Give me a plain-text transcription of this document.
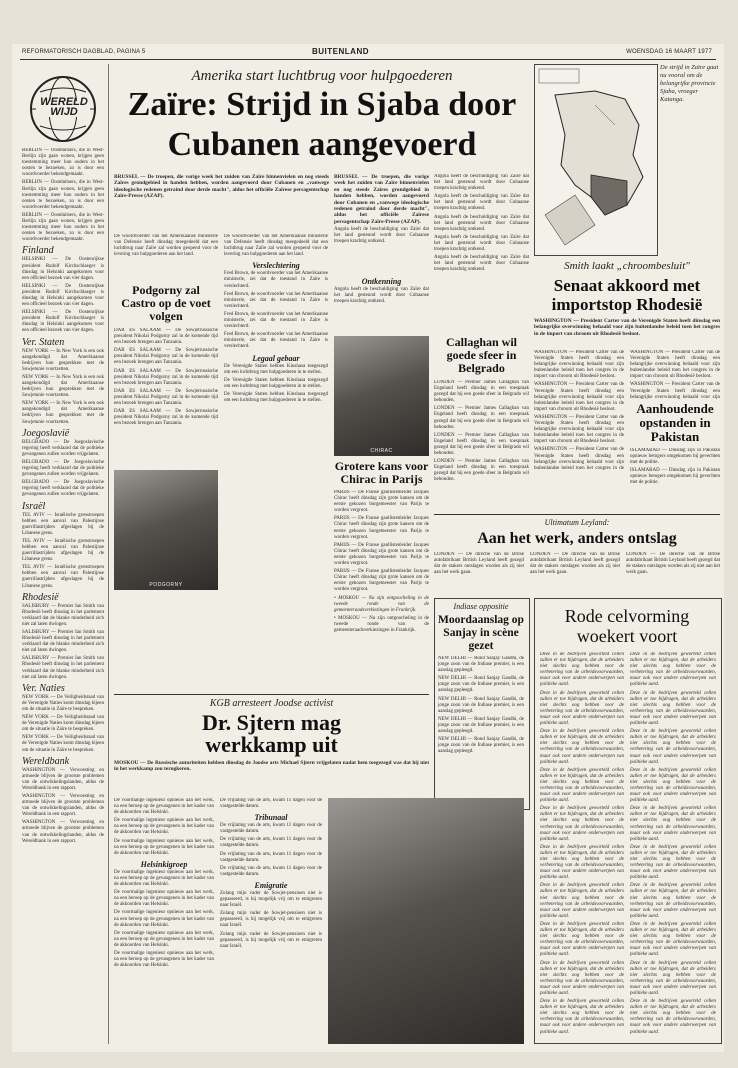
REFORMATORISCH DAGBLAD, PAGINA 5	BUITENLAND	WOENSDAG 16 MAART 1977
WERELD
WIJD

BERLIJN — Oostduitsers, die in West-Berlijn zijn gaan wonen, krijgen geen toestemming meer hun ouders in het oosten te bezoeken, zo is door een woordvoerder bekendgemaakt.

BERLIJN — Oostduitsers, die in West-Berlijn zijn gaan wonen, krijgen geen toestemming meer hun ouders in het oosten te bezoeken, zo is door een woordvoerder bekendgemaakt.

BERLIJN — Oostduitsers, die in West-Berlijn zijn gaan wonen, krijgen geen toestemming meer hun ouders in het oosten te bezoeken, zo is door een woordvoerder bekendgemaakt.

Finland

HELSINKI — De Oostenrijkse president Rudolf Kirchschlaeger is dinsdag in Helsinki aangekomen voor een officieel bezoek van vier dagen.

HELSINKI — De Oostenrijkse president Rudolf Kirchschlaeger is dinsdag in Helsinki aangekomen voor een officieel bezoek van vier dagen.

HELSINKI — De Oostenrijkse president Rudolf Kirchschlaeger is dinsdag in Helsinki aangekomen voor een officieel bezoek van vier dagen.

Ver. Staten

NEW YORK — In New York is een ook aangekondigd dat Amerikaanse bedrijven hun gesprekken met de Sowjetunie voortzetten.

NEW YORK — In New York is een ook aangekondigd dat Amerikaanse bedrijven hun gesprekken met de Sowjetunie voortzetten.

NEW YORK — In New York is een ook aangekondigd dat Amerikaanse bedrijven hun gesprekken met de Sowjetunie voortzetten.

Joegoslavië

BELGRADO — De Joegoslavische regering heeft verklaard dat de politieke gevangenen zullen worden vrijgelaten.

BELGRADO — De Joegoslavische regering heeft verklaard dat de politieke gevangenen zullen worden vrijgelaten.

BELGRADO — De Joegoslavische regering heeft verklaard dat de politieke gevangenen zullen worden vrijgelaten.

Israël

TEL AVIV — Israëlische grenstroepen hebben een aanval van Palestijnse guerrillastrijders afgeslagen bij de Libanese grens.

TEL AVIV — Israëlische grenstroepen hebben een aanval van Palestijnse guerrillastrijders afgeslagen bij de Libanese grens.

TEL AVIV — Israëlische grenstroepen hebben een aanval van Palestijnse guerrillastrijders afgeslagen bij de Libanese grens.

Rhodesië

SALISBURY — Premier Ian Smith van Rhodesië heeft dinsdag in het parlement verklaard dat de blanke minderheid zich niet zal laten dwingen.

SALISBURY — Premier Ian Smith van Rhodesië heeft dinsdag in het parlement verklaard dat de blanke minderheid zich niet zal laten dwingen.

SALISBURY — Premier Ian Smith van Rhodesië heeft dinsdag in het parlement verklaard dat de blanke minderheid zich niet zal laten dwingen.

Ver. Naties

NEW YORK — De Veiligheidsraad van de Verenigde Naties komt dinsdag bijeen om de situatie in Zaïre te bespreken.

NEW YORK — De Veiligheidsraad van de Verenigde Naties komt dinsdag bijeen om de situatie in Zaïre te bespreken.

NEW YORK — De Veiligheidsraad van de Verenigde Naties komt dinsdag bijeen om de situatie in Zaïre te bespreken.

Wereldbank

WASHINGTON — Verwoesting en armoede blijven de grootste problemen van de ontwikkelingslanden, aldus de Wereldbank in een rapport.

WASHINGTON — Verwoesting en armoede blijven de grootste problemen van de ontwikkelingslanden, aldus de Wereldbank in een rapport.

WASHINGTON — Verwoesting en armoede blijven de grootste problemen van de ontwikkelingslanden, aldus de Wereldbank in een rapport.

Amerika start luchtbrug voor hulpgoederen

Zaïre: Strijd in Sjaba door
Cubanen aangevoerd

BRUSSEL — De troepen, die vorige week het zuiden van Zaïre binnenvielen en nog steeds Zaïres grondgebied in handen hebben, worden aangevoerd door Cubanen en „vanwege ideologische redenen getraind door derde macht", aldus het officiële Zaïrese persagentschap Zaïre-Presse (AZAP).

De woordvoerder van het Amerikaanse ministerie van Defensie heeft dinsdag meegedeeld dat een luchtbrug naar Zaïre zal worden geopend voor de levering van hulpgoederen aan het land.

De woordvoerder van het Amerikaanse ministerie van Defensie heeft dinsdag meegedeeld dat een luchtbrug naar Zaïre zal worden geopend voor de levering van hulpgoederen aan het land.

Verslechtering

Fred Brown, de woordvoerder van het Amerikaanse ministerie, zei dat de toestand in Zaïre is verslechterd.

Fred Brown, de woordvoerder van het Amerikaanse ministerie, zei dat de toestand in Zaïre is verslechterd.

Fred Brown, de woordvoerder van het Amerikaanse ministerie, zei dat de toestand in Zaïre is verslechterd.

Fred Brown, de woordvoerder van het Amerikaanse ministerie, zei dat de toestand in Zaïre is verslechterd.

Legaal gebaar

De Verenigde Staten hebben Kinshasa toegezegd om een luchtbrug met hulpgoederen in te stellen.

De Verenigde Staten hebben Kinshasa toegezegd om een luchtbrug met hulpgoederen in te stellen.

De Verenigde Staten hebben Kinshasa toegezegd om een luchtbrug met hulpgoederen in te stellen.

BRUSSEL — De troepen, die vorige week het zuiden van Zaïre binnenvielen en nog steeds Zaïres grondgebied in handen hebben, worden aangevoerd door Cubanen en „vanwege ideologische redenen getraind door derde macht", aldus het officiële Zaïrese persagentschap Zaïre-Presse (AZAP).

Angola heeft de beschuldiging van Zaïre dat het land gesteund wordt door Cubaanse troepen krachtig ontkend.

Ontkenning

Angola heeft de beschuldiging van Zaïre dat het land gesteund wordt door Cubaanse troepen krachtig ontkend.

Angola heeft de beschuldiging van Zaïre dat het land gesteund wordt door Cubaanse troepen krachtig ontkend.

Angola heeft de beschuldiging van Zaïre dat het land gesteund wordt door Cubaanse troepen krachtig ontkend.

Angola heeft de beschuldiging van Zaïre dat het land gesteund wordt door Cubaanse troepen krachtig ontkend.

Angola heeft de beschuldiging van Zaïre dat het land gesteund wordt door Cubaanse troepen krachtig ontkend.

Angola heeft de beschuldiging van Zaïre dat het land gesteund wordt door Cubaanse troepen krachtig ontkend.

De strijd in Zaïre gaat nu vooral om de belangrijke provincie Sjaba, vroeger Katanga.

Smith laakt „chroombesluit"

Senaat akkoord met importstop Rhodesië

WASHINGTON — President Carter van de Verenigde Staten heeft dinsdag een belangrijke overwinning behaald voor zijn buitenlandse beleid toen het congres in de import van chroom uit Rhodesië besloot.

WASHINGTON — President Carter van de Verenigde Staten heeft dinsdag een belangrijke overwinning behaald voor zijn buitenlandse beleid toen het congres in de import van chroom uit Rhodesië besloot.

WASHINGTON — President Carter van de Verenigde Staten heeft dinsdag een belangrijke overwinning behaald voor zijn buitenlandse beleid toen het congres in de import van chroom uit Rhodesië besloot.

WASHINGTON — President Carter van de Verenigde Staten heeft dinsdag een belangrijke overwinning behaald voor zijn buitenlandse beleid toen het congres in de import van chroom uit Rhodesië besloot.

WASHINGTON — President Carter van de Verenigde Staten heeft dinsdag een belangrijke overwinning behaald voor zijn buitenlandse beleid toen het congres in de

WASHINGTON — President Carter van de Verenigde Staten heeft dinsdag een belangrijke overwinning behaald voor zijn buitenlandse beleid toen het congres in de import van chroom uit Rhodesië besloot.

WASHINGTON — President Carter van de Verenigde Staten heeft dinsdag een belangrijke overwinning behaald voor zijn

Aanhoudende opstanden in Pakistan

ISLAMABAD — Dinsdag zijn in Pakistan opnieuw betogers omgekomen bij gevechten met de politie.

ISLAMABAD — Dinsdag zijn in Pakistan opnieuw betogers omgekomen bij gevechten met de politie.

Podgorny zal Castro op de voet volgen

DAR ES SALAAM — De Sowjetrussische president Nikolai Podgorny zal in de komende tijd een bezoek brengen aan Tanzania.

DAR ES SALAAM — De Sowjetrussische president Nikolai Podgorny zal in de komende tijd een bezoek brengen aan Tanzania.

DAR ES SALAAM — De Sowjetrussische president Nikolai Podgorny zal in de komende tijd een bezoek brengen aan Tanzania.

DAR ES SALAAM — De Sowjetrussische president Nikolai Podgorny zal in de komende tijd een bezoek brengen aan Tanzania.

DAR ES SALAAM — De Sowjetrussische president Nikolai Podgorny zal in de komende tijd een bezoek brengen aan Tanzania.

PODGORNY
CHIRAC
Grotere kans voor Chirac in Parijs

PARIJS — De Franse gaullistenleider Jacques Chirac heeft dinsdag zijn grote kansen om de eerste gekozen burgemeester van Parijs te worden vergroot.

PARIJS — De Franse gaullistenleider Jacques Chirac heeft dinsdag zijn grote kansen om de eerste gekozen burgemeester van Parijs te worden vergroot.

PARIJS — De Franse gaullistenleider Jacques Chirac heeft dinsdag zijn grote kansen om de eerste gekozen burgemeester van Parijs te worden vergroot.

PARIJS — De Franse gaullistenleider Jacques Chirac heeft dinsdag zijn grote kansen om de eerste gekozen burgemeester van Parijs te worden vergroot.

• MOSKOU — Na zijn ontgoocheling in de tweede ronde van de gemeenteraadsverkiezingen in Frankrijk.

• MOSKOU — Na zijn ontgoocheling in de tweede ronde van de gemeenteraadsverkiezingen in Frankrijk.

Callaghan wil goede sfeer in Belgrado

LONDEN — Premier James Callaghan van Engeland heeft dinsdag in een toespraak gezegd dat hij een goede sfeer in Belgrado wil behouden.

LONDEN — Premier James Callaghan van Engeland heeft dinsdag in een toespraak gezegd dat hij een goede sfeer in Belgrado wil behouden.

LONDEN — Premier James Callaghan van Engeland heeft dinsdag in een toespraak gezegd dat hij een goede sfeer in Belgrado wil behouden.

LONDEN — Premier James Callaghan van Engeland heeft dinsdag in een toespraak gezegd dat hij een goede sfeer in Belgrado wil behouden.

Ultimatum Leyland:

Aan het werk, anders ontslag

LONDEN — De directie van de Britse autofabrikant British Leyland heeft gezegd dat de stakers ontslagen worden als zij niet aan het werk gaan.

LONDEN — De directie van de Britse autofabrikant British Leyland heeft gezegd dat de stakers ontslagen worden als zij niet aan het werk gaan.

LONDEN — De directie van de Britse autofabrikant British Leyland heeft gezegd dat de stakers ontslagen worden als zij niet aan het werk gaan.

Indiase oppositie

Moordaanslag op Sanjay in scène gezet

NEW DELHI — Rond Sanjay Gandhi, de jonge zoon van de Indiase premier, is een aanslag gepleegd.

NEW DELHI — Rond Sanjay Gandhi, de jonge zoon van de Indiase premier, is een aanslag gepleegd.

NEW DELHI — Rond Sanjay Gandhi, de jonge zoon van de Indiase premier, is een aanslag gepleegd.

NEW DELHI — Rond Sanjay Gandhi, de jonge zoon van de Indiase premier, is een aanslag gepleegd.

NEW DELHI — Rond Sanjay Gandhi, de jonge zoon van de Indiase premier, is een aanslag gepleegd.

Rode celvorming woekert voort

Deze in de bedrijven geworteld cellen zullen er toe bijdragen, dat de arbeiders niet slechts oog hebben voor de verbetering van de arbeidsvoorwaarden, maar ook voor andere onderwerpen van politieke aard.

Deze in de bedrijven geworteld cellen zullen er toe bijdragen, dat de arbeiders niet slechts oog hebben voor de verbetering van de arbeidsvoorwaarden, maar ook voor andere onderwerpen van politieke aard.

Deze in de bedrijven geworteld cellen zullen er toe bijdragen, dat de arbeiders niet slechts oog hebben voor de verbetering van de arbeidsvoorwaarden, maar ook voor andere onderwerpen van politieke aard.

Deze in de bedrijven geworteld cellen zullen er toe bijdragen, dat de arbeiders niet slechts oog hebben voor de verbetering van de arbeidsvoorwaarden, maar ook voor andere onderwerpen van politieke aard.

Deze in de bedrijven geworteld cellen zullen er toe bijdragen, dat de arbeiders niet slechts oog hebben voor de verbetering van de arbeidsvoorwaarden, maar ook voor andere onderwerpen van politieke aard.

Deze in de bedrijven geworteld cellen zullen er toe bijdragen, dat de arbeiders niet slechts oog hebben voor de verbetering van de arbeidsvoorwaarden, maar ook voor andere onderwerpen van politieke aard.

Deze in de bedrijven geworteld cellen zullen er toe bijdragen, dat de arbeiders niet slechts oog hebben voor de verbetering van de arbeidsvoorwaarden, maar ook voor andere onderwerpen van politieke aard.

Deze in de bedrijven geworteld cellen zullen er toe bijdragen, dat de arbeiders niet slechts oog hebben voor de verbetering van de arbeidsvoorwaarden, maar ook voor andere onderwerpen van politieke aard.

Deze in de bedrijven geworteld cellen zullen er toe bijdragen, dat de arbeiders niet slechts oog hebben voor de verbetering van de arbeidsvoorwaarden, maar ook voor andere onderwerpen van politieke aard.

Deze in de bedrijven geworteld cellen zullen er toe bijdragen, dat de arbeiders niet slechts oog hebben voor de verbetering van de arbeidsvoorwaarden, maar ook voor andere onderwerpen van politieke aard.

Deze in de bedrijven geworteld cellen zullen er toe bijdragen, dat de arbeiders niet slechts oog hebben voor de verbetering van de arbeidsvoorwaarden, maar ook voor andere onderwerpen van politieke aard.

Deze in de bedrijven geworteld cellen zullen er toe bijdragen, dat de arbeiders niet slechts oog hebben voor de verbetering van de arbeidsvoorwaarden, maar ook voor andere onderwerpen van politieke aard.

Deze in de bedrijven geworteld cellen zullen er toe bijdragen, dat de arbeiders niet slechts oog hebben voor de verbetering van de arbeidsvoorwaarden, maar ook voor andere onderwerpen van politieke aard.

Deze in de bedrijven geworteld cellen zullen er toe bijdragen, dat de arbeiders niet slechts oog hebben voor de verbetering van de arbeidsvoorwaarden, maar ook voor andere onderwerpen van politieke aard.

Deze in de bedrijven geworteld cellen zullen er toe bijdragen, dat de arbeiders niet slechts oog hebben voor de verbetering van de arbeidsvoorwaarden, maar ook voor andere onderwerpen van politieke aard.

Deze in de bedrijven geworteld cellen zullen er toe bijdragen, dat de arbeiders niet slechts oog hebben voor de verbetering van de arbeidsvoorwaarden, maar ook voor andere onderwerpen van politieke aard.

Deze in de bedrijven geworteld cellen zullen er toe bijdragen, dat de arbeiders niet slechts oog hebben voor de verbetering van de arbeidsvoorwaarden, maar ook voor andere onderwerpen van politieke aard.

Deze in de bedrijven geworteld cellen zullen er toe bijdragen, dat de arbeiders niet slechts oog hebben voor de verbetering van de arbeidsvoorwaarden, maar ook voor andere onderwerpen van politieke aard.

Deze in de bedrijven geworteld cellen zullen er toe bijdragen, dat de arbeiders niet slechts oog hebben voor de verbetering van de arbeidsvoorwaarden, maar ook voor andere onderwerpen van politieke aard.

Deze in de bedrijven geworteld cellen zullen er toe bijdragen, dat de arbeiders niet slechts oog hebben voor de verbetering van de arbeidsvoorwaarden, maar ook voor andere onderwerpen van politieke aard.

KGB arresteert Joodse activist

Dr. Sjtern mag
werkkamp uit

MOSKOU — De Russische autoriteiten hebben dinsdag de Joodse arts Michael Sjtern vrijgelaten nadat hem toegezegd was dat hij niet in het werkkamp zou terugkeren.

De voormalige ingenieur opnieuw aan het werk, na een beroep op de gevangenen in het kader van de akkoorden van Helsinki.

De voormalige ingenieur opnieuw aan het werk, na een beroep op de gevangenen in het kader van de akkoorden van Helsinki.

De voormalige ingenieur opnieuw aan het werk, na een beroep op de gevangenen in het kader van de akkoorden van Helsinki.

Helsinkigroep

De voormalige ingenieur opnieuw aan het werk, na een beroep op de gevangenen in het kader van de akkoorden van Helsinki.

De voormalige ingenieur opnieuw aan het werk, na een beroep op de gevangenen in het kader van de akkoorden van Helsinki.

De voormalige ingenieur opnieuw aan het werk, na een beroep op de gevangenen in het kader van de akkoorden van Helsinki.

De voormalige ingenieur opnieuw aan het werk, na een beroep op de gevangenen in het kader van de akkoorden van Helsinki.

De voormalige ingenieur opnieuw aan het werk, na een beroep op de gevangenen in het kader van de akkoorden van Helsinki.

De vrijlating van de arts, kwam 11 dagen voor de vastgestelde datum.

Tribunaal

De vrijlating van de arts, kwam 11 dagen voor de vastgestelde datum.

De vrijlating van de arts, kwam 11 dagen voor de vastgestelde datum.

De vrijlating van de arts, kwam 11 dagen voor de vastgestelde datum.

De vrijlating van de arts, kwam 11 dagen voor de vastgestelde datum.

Emigratie

Zolang mijn vader de Sowjet-pensioen niet is gepasseerd, is hij mogelijk vrij om te emigreren naar Israël.

Zolang mijn vader de Sowjet-pensioen niet is gepasseerd, is hij mogelijk vrij om te emigreren naar Israël.

Zolang mijn vader de Sowjet-pensioen niet is gepasseerd, is hij mogelijk vrij om te emigreren naar Israël.
